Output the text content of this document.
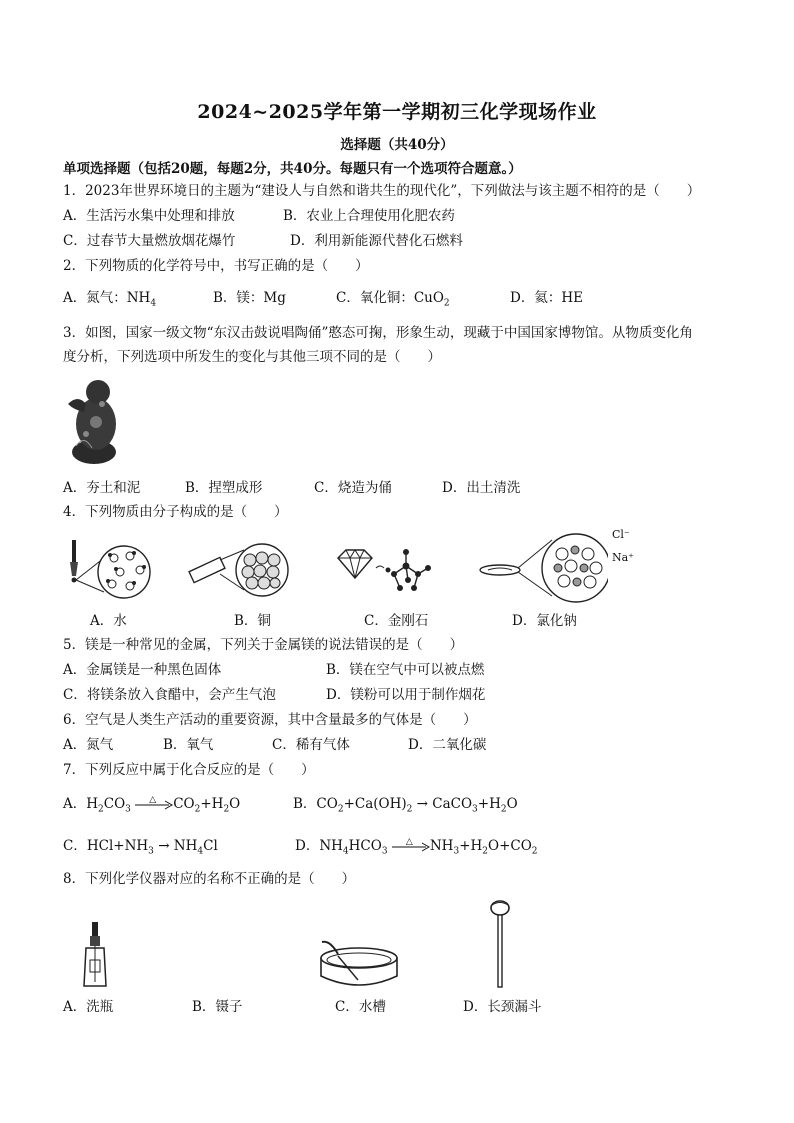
2024~2025学年第一学期初三化学现场作业
选择题（共40分）
单项选择题（包括20题，每题2分，共40分。每题只有一个选项符合题意。）
1．2023年世界环境日的主题为“建设人与自然和谐共生的现代化”，下列做法与该主题不相符的是（　　）
A．生活污水集中处理和排放	B．农业上合理使用化肥农药
C．过春节大量燃放烟花爆竹	D．利用新能源代替化石燃料
2．下列物质的化学符号中，书写正确的是（　　）
A．氮气：$NH_4$	B．镁：Mg	C．氧化铜：CuO$_2$	D．氦：HE
3．如图，国家一级文物“东汉击鼓说唱陶俑”憨态可掬，形象生动，现藏于中国国家博物馆。从物质变化角
度分析，下列选项中所发生的变化与其他三项不同的是（　　）
A．夯土和泥	B．捏塑成形	C．烧造为俑	D．出土清洗
4．下列物质由分子构成的是（　　）
Cl⁻
Na⁺
A．水	B．铜	C．金刚石	D．氯化钠
5．镁是一种常见的金属，下列关于金属镁的说法错误的是（　　）
A．金属镁是一种黑色固体	B．镁在空气中可以被点燃
C．将镁条放入食醋中，会产生气泡	D．镁粉可以用于制作烟花
6．空气是人类生产活动的重要资源，其中含量最多的气体是（　　）
A．氮气	B．氧气	C．稀有气体	D．二氧化碳
7．下列反应中属于化合反应的是（　　）
A．$H_2CO_3$
△ $CO_2+H_2O$	B．$CO_2+Ca(OH)_2$ → $CaCO_3+H_2O$
C．$HCl+NH_3 \to NH_4Cl$	D．$NH_4HCO_3$
△ $NH_3+H_2O+CO_2$
8．下列化学仪器对应的名称不正确的是（　　）
A．洗瓶	B．镊子	C．水槽	D．长颈漏斗
